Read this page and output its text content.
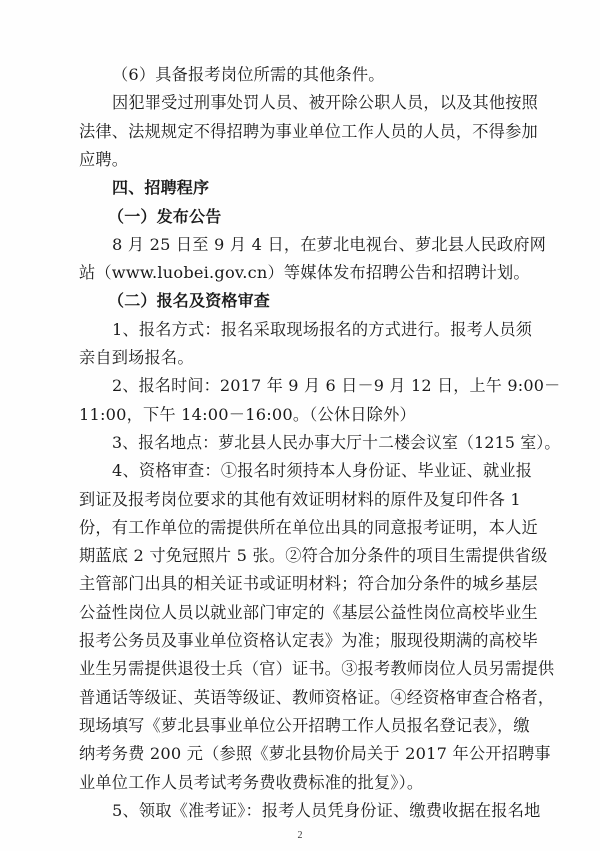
（6）具备报考岗位所需的其他条件。
因犯罪受过刑事处罚人员、被开除公职人员，以及其他按照
法律、法规规定不得招聘为事业单位工作人员的人员，不得参加
应聘。
四、招聘程序
（一）发布公告
8 月 25 日至 9 月 4 日，在萝北电视台、萝北县人民政府网
站（www.luobei.gov.cn）等媒体发布招聘公告和招聘计划。
（二）报名及资格审查
1、报名方式：报名采取现场报名的方式进行。报考人员须
亲自到场报名。
2、报名时间：2017 年 9 月 6 日－9 月 12 日，上午 9:00－
11:00，下午 14:00－16:00。（公休日除外）
3、报名地点：萝北县人民办事大厅十二楼会议室（1215 室）。
4、资格审查：①报名时须持本人身份证、毕业证、就业报
到证及报考岗位要求的其他有效证明材料的原件及复印件各 1
份，有工作单位的需提供所在单位出具的同意报考证明，本人近
期蓝底 2 寸免冠照片 5 张。②符合加分条件的项目生需提供省级
主管部门出具的相关证书或证明材料；符合加分条件的城乡基层
公益性岗位人员以就业部门审定的《基层公益性岗位高校毕业生
报考公务员及事业单位资格认定表》为准；服现役期满的高校毕
业生另需提供退役士兵（官）证书。③报考教师岗位人员另需提供
普通话等级证、英语等级证、教师资格证。④经资格审查合格者，
现场填写《萝北县事业单位公开招聘工作人员报名登记表》，缴
纳考务费 200 元（参照《萝北县物价局关于 2017 年公开招聘事
业单位工作人员考试考务费收费标准的批复》）。
5、领取《准考证》：报考人员凭身份证、缴费收据在报名地
2
